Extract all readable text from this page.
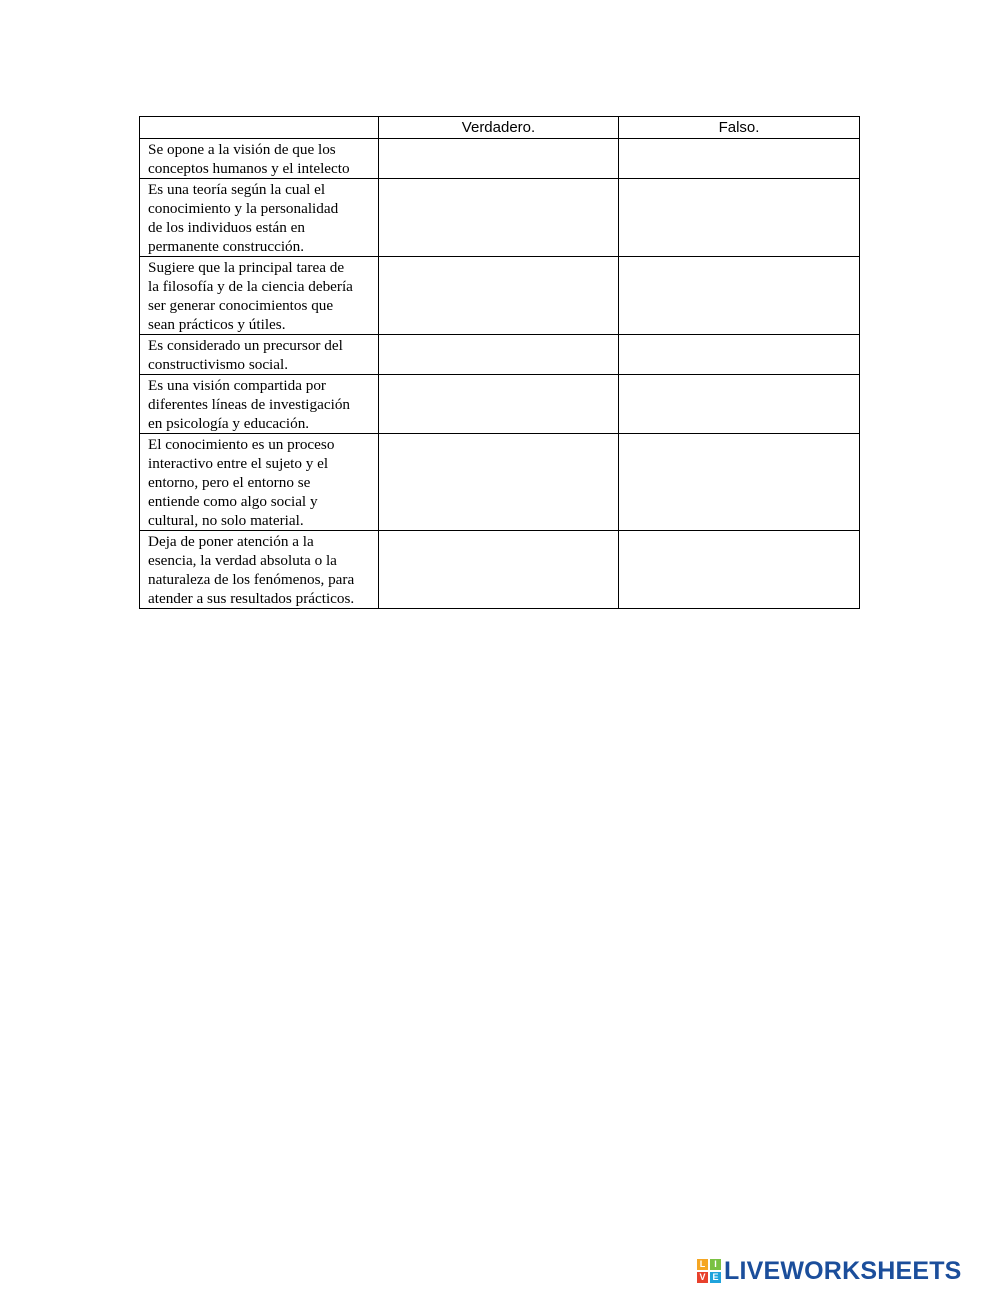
	Verdadero.	Falso.

Se opone a la visión de que los
conceptos humanos y el intelecto		

Es una teoría según la cual el
conocimiento y la personalidad
de los individuos están en
permanente construcción.		

Sugiere que la principal tarea de
la filosofía y de la ciencia debería
ser generar conocimientos que
sean prácticos y útiles.		

Es considerado un precursor del
constructivismo social.		

Es una visión compartida por
diferentes líneas de investigación
en psicología y educación.		

El conocimiento es un proceso
interactivo entre el sujeto y el
entorno, pero el entorno se
entiende como algo social y
cultural, no solo material.		

Deja de poner atención a la
esencia, la verdad absoluta o la
naturaleza de los fenómenos, para
atender a sus resultados prácticos.		

L I
V E LIVEWORKSHEETS
